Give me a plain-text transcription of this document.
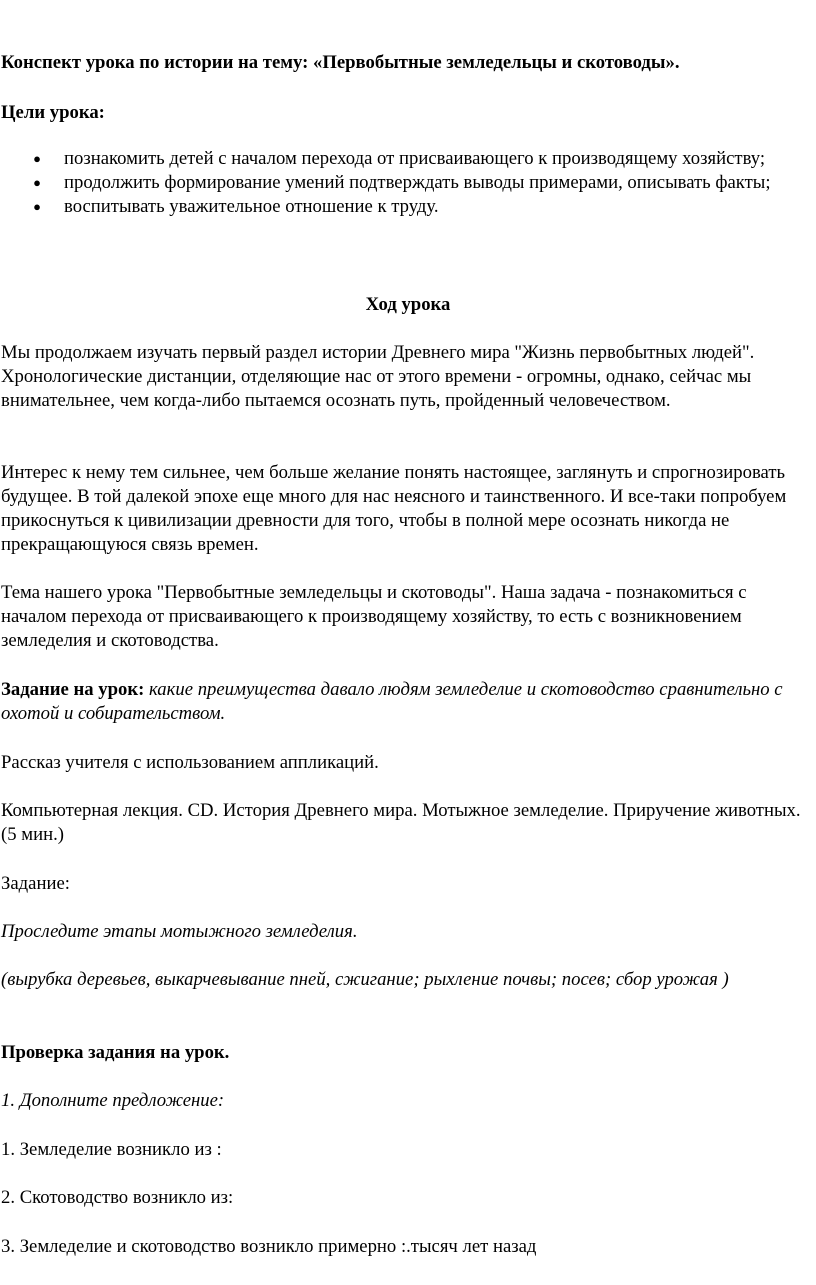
Конспект урока по истории на тему: «Первобытные земледельцы и скотоводы».

Цели урока:

● познакомить детей с началом перехода от присваивающего к производящему хозяйству;
● продолжить формирование умений подтверждать выводы примерами, описывать факты;
● воспитывать уважительное отношение к труду.

Ход урока

Мы продолжаем изучать первый раздел истории Древнего мира "Жизнь первобытных людей". Хронологические дистанции, отделяющие нас от этого времени - огромны, однако, сейчас мы внимательнее, чем когда-либо пытаемся осознать путь, пройденный человечеством.

Интерес к нему тем сильнее, чем больше желание понять настоящее, заглянуть и спрогнозировать будущее. В той далекой эпохе еще много для нас неясного и таинственного. И все-таки попробуем прикоснуться к цивилизации древности для того, чтобы в полной мере осознать никогда не прекращающуюся связь времен.

Тема нашего урока "Первобытные земледельцы и скотоводы". Наша задача - познакомиться с началом перехода от присваивающего к производящему хозяйству, то есть с возникновением земледелия и скотоводства.

Задание на урок: какие преимущества давало людям земледелие и скотоводство сравнительно с охотой и собирательством.

Рассказ учителя с использованием аппликаций.

Компьютерная лекция. CD. История Древнего мира. Мотыжное земледелие. Приручение животных.(5 мин.)

Задание:

Проследите этапы мотыжного земледелия.

(вырубка деревьев, выкарчевывание пней, сжигание; рыхление почвы; посев; сбор урожая )

Проверка задания на урок.

1. Дополните предложение:

1. Земледелие возникло из :

2. Скотоводство возникло из:

3. Земледелие и скотоводство возникло примерно :.тысяч лет назад
